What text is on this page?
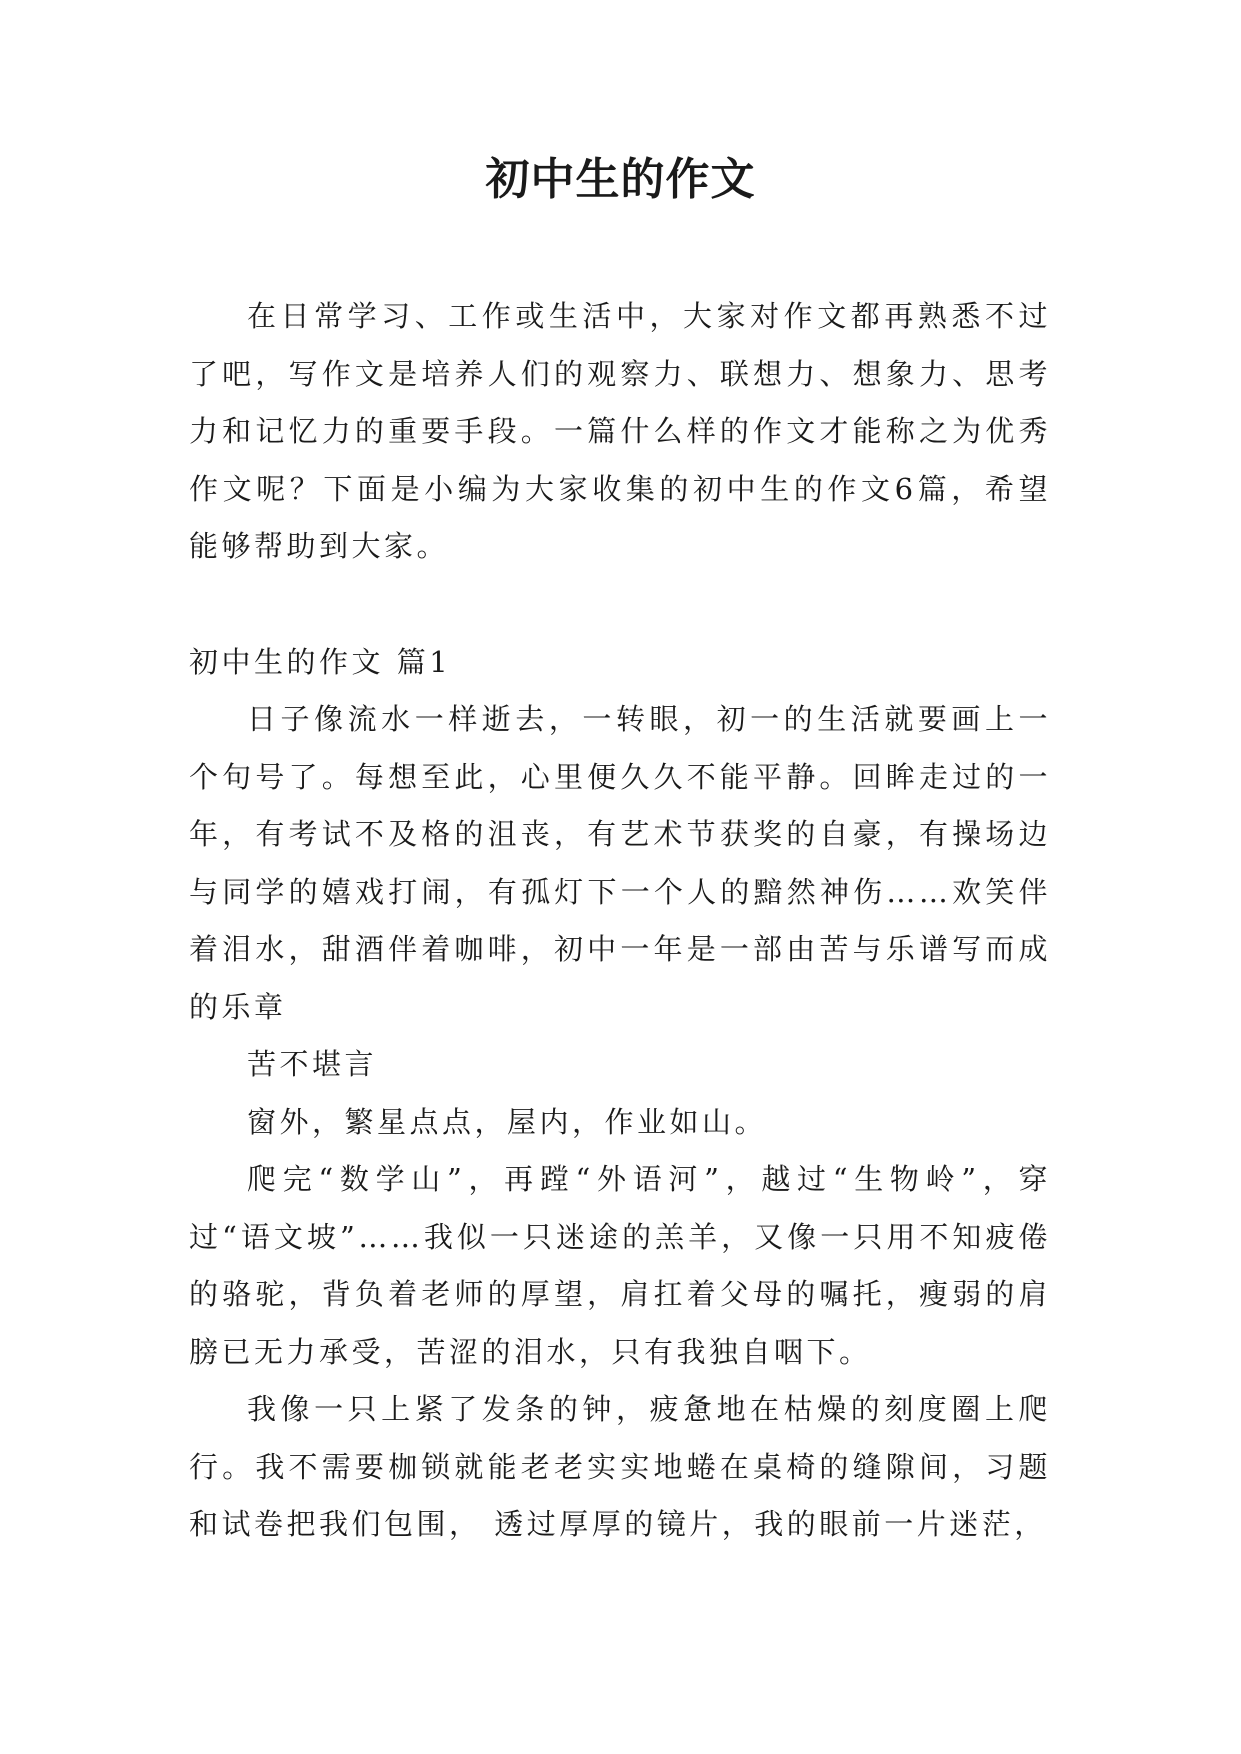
初中生的作文

在日常学习、工作或生活中，大家对作文都再熟悉不过了吧，写作文是培养人们的观察力、联想力、想象力、思考力和记忆力的重要手段。一篇什么样的作文才能称之为优秀作文呢？下面是小编为大家收集的初中生的作文6篇，希望能够帮助到大家。

初中生的作文 篇1

日子像流水一样逝去，一转眼，初一的生活就要画上一个句号了。每想至此，心里便久久不能平静。回眸走过的一年，有考试不及格的沮丧，有艺术节获奖的自豪，有操场边与同学的嬉戏打闹，有孤灯下一个人的黯然神伤……欢笑伴着泪水，甜酒伴着咖啡，初中一年是一部由苦与乐谱写而成的乐章

苦不堪言

窗外，繁星点点，屋内，作业如山。

爬完“数学山”，再蹚“外语河”，越过“生物岭”，穿过“语文坡”……我似一只迷途的羔羊，又像一只用不知疲倦的骆驼，背负着老师的厚望，肩扛着父母的嘱托，瘦弱的肩膀已无力承受，苦涩的泪水，只有我独自咽下。

我像一只上紧了发条的钟，疲惫地在枯燥的刻度圈上爬行。我不需要枷锁就能老老实实地蜷在桌椅的缝隙间，习题和试卷把我们包围， 透过厚厚的镜片，我的眼前一片迷茫，
